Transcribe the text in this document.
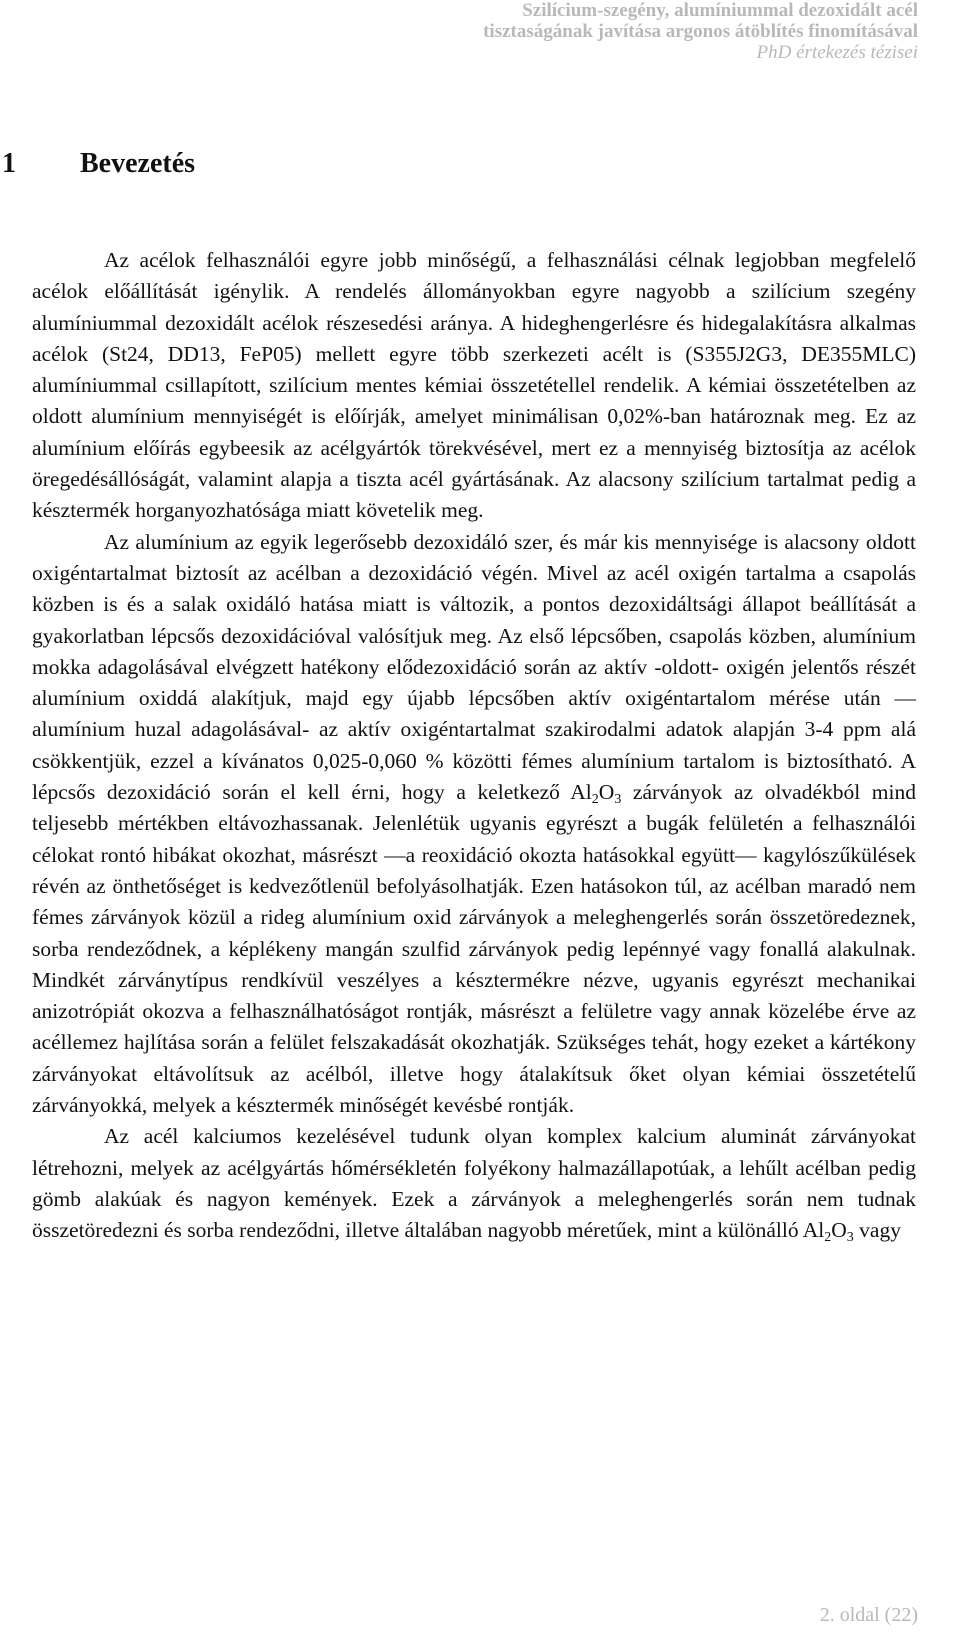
Szilícium-szegény, alumíniummal dezoxidált acél
tisztaságának javítása argonos átöblítés finomításával
PhD értekezés tézisei
1	Bevezetés

Az acélok felhasználói egyre jobb minőségű, a felhasználási célnak legjobban megfelelő acélok előállítását igénylik. A rendelés állományokban egyre nagyobb a szilícium szegény alumíniummal dezoxidált acélok részesedési aránya. A hideghengerlésre és hidegalakításra alkalmas acélok (St24, DD13, FeP05) mellett egyre több szerkezeti acélt is (S355J2G3, DE355MLC) alumíniummal csillapított, szilícium mentes kémiai összetétellel rendelik. A kémiai összetételben az oldott alumínium mennyiségét is előírják, amelyet minimálisan 0,02%-ban határoznak meg. Ez az alumínium előírás egybeesik az acélgyártók törekvésével, mert ez a mennyiség biztosítja az acélok öregedésállóságát, valamint alapja a tiszta acél gyártásának. Az alacsony szilícium tartalmat pedig a késztermék horganyozhatósága miatt követelik meg.

Az alumínium az egyik legerősebb dezoxidáló szer, és már kis mennyisége is alacsony oldott oxigéntartalmat biztosít az acélban a dezoxidáció végén. Mivel az acél oxigén tartalma a csapolás közben is és a salak oxidáló hatása miatt is változik, a pontos dezoxidáltsági állapot beállítását a gyakorlatban lépcsős dezoxidációval valósítjuk meg. Az első lépcsőben, csapolás közben, alumínium mokka adagolásával elvégzett hatékony elődezoxidáció során az aktív -oldott- oxigén jelentős részét alumínium oxiddá alakítjuk, majd egy újabb lépcsőben aktív oxigéntartalom mérése után —alumínium huzal adagolásával- az aktív oxigéntartalmat szakirodalmi adatok alapján 3-4 ppm alá csökkentjük, ezzel a kívánatos 0,025-0,060 % közötti fémes alumínium tartalom is biztosítható. A lépcsős dezoxidáció során el kell érni, hogy a keletkező $Al_2O_3$ zárványok az olvadékból mind teljesebb mértékben eltávozhassanak. Jelenlétük ugyanis egyrészt a bugák felületén a felhasználói célokat rontó hibákat okozhat, másrészt ―a reoxidáció okozta hatásokkal együtt― kagylószűkülések révén az önthetőséget is kedvezőtlenül befolyásolhatják. Ezen hatásokon túl, az acélban maradó nem fémes zárványok közül a rideg alumínium oxid zárványok a meleghengerlés során összetöredeznek, sorba rendeződnek, a képlékeny mangán szulfid zárványok pedig lepénnyé vagy fonallá alakulnak. Mindkét zárványtípus rendkívül veszélyes a késztermékre nézve, ugyanis egyrészt mechanikai anizotrópiát okozva a felhasználhatóságot rontják, másrészt a felületre vagy annak közelébe érve az acéllemez hajlítása során a felület felszakadását okozhatják. Szükséges tehát, hogy ezeket a kártékony zárványokat eltávolítsuk az acélból, illetve hogy átalakítsuk őket olyan kémiai összetételű zárványokká, melyek a késztermék minőségét kevésbé rontják.

Az acél kalciumos kezelésével tudunk olyan komplex kalcium aluminát zárványokat létrehozni, melyek az acélgyártás hőmérsékletén folyékony halmazállapotúak, a lehűlt acélban pedig gömb alakúak és nagyon kemények. Ezek a zárványok a meleghengerlés során nem tudnak összetöredezni és sorba rendeződni, illetve általában nagyobb méretűek, mint a különálló $Al_2O_3$ vagy

2. oldal (22)
